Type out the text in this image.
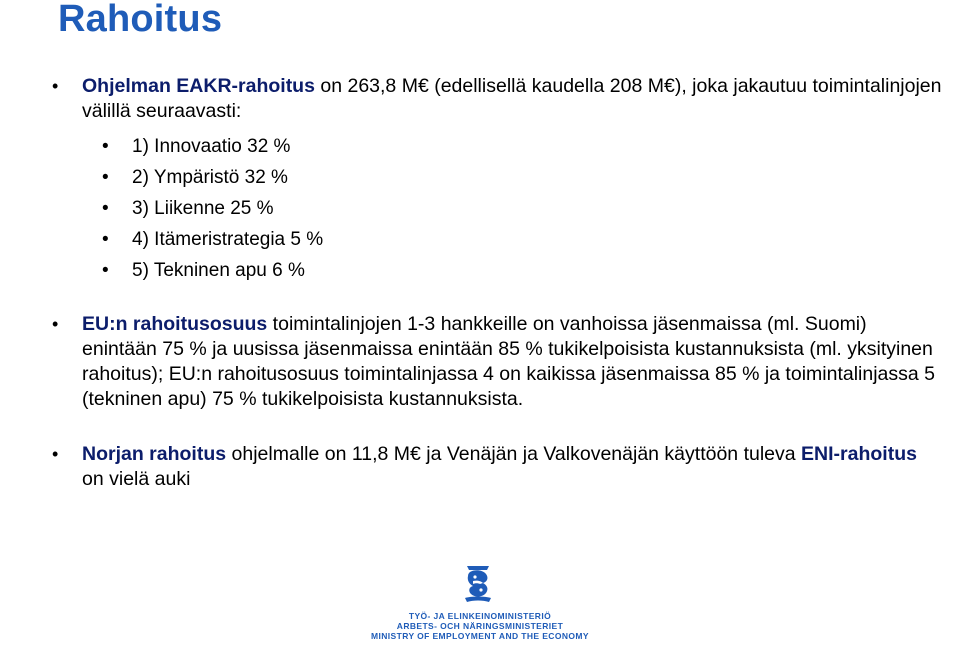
Rahoitus
• Ohjelman EAKR-rahoitus on 263,8 M€ (edellisellä kaudella 208 M€), joka jakautuu toimintalinjojen välillä seuraavasti:
• 1) Innovaatio 32 %
• 2) Ympäristö 32 %
• 3) Liikenne 25 %
• 4) Itämeristrategia 5 %
• 5) Tekninen apu 6 %
• EU:n rahoitusosuus toimintalinjojen 1-3 hankkeille on vanhoissa jäsenmaissa (ml. Suomi) enintään 75 % ja uusissa jäsenmaissa enintään 85 % tukikelpoisista kustannuksista (ml. yksityinen rahoitus); EU:n rahoitusosuus toimintalinjassa 4 on kaikissa jäsenmaissa 85 % ja toimintalinjassa 5 (tekninen apu) 75 % tukikelpoisista kustannuksista.
• Norjan rahoitus ohjelmalle on 11,8 M€ ja Venäjän ja Valkovenäjän käyttöön tuleva ENI-rahoitus on vielä auki
TYÖ- JA ELINKEINOMINISTERIÖ
ARBETS- OCH NÄRINGSMINISTERIET
MINISTRY OF EMPLOYMENT AND THE ECONOMY
